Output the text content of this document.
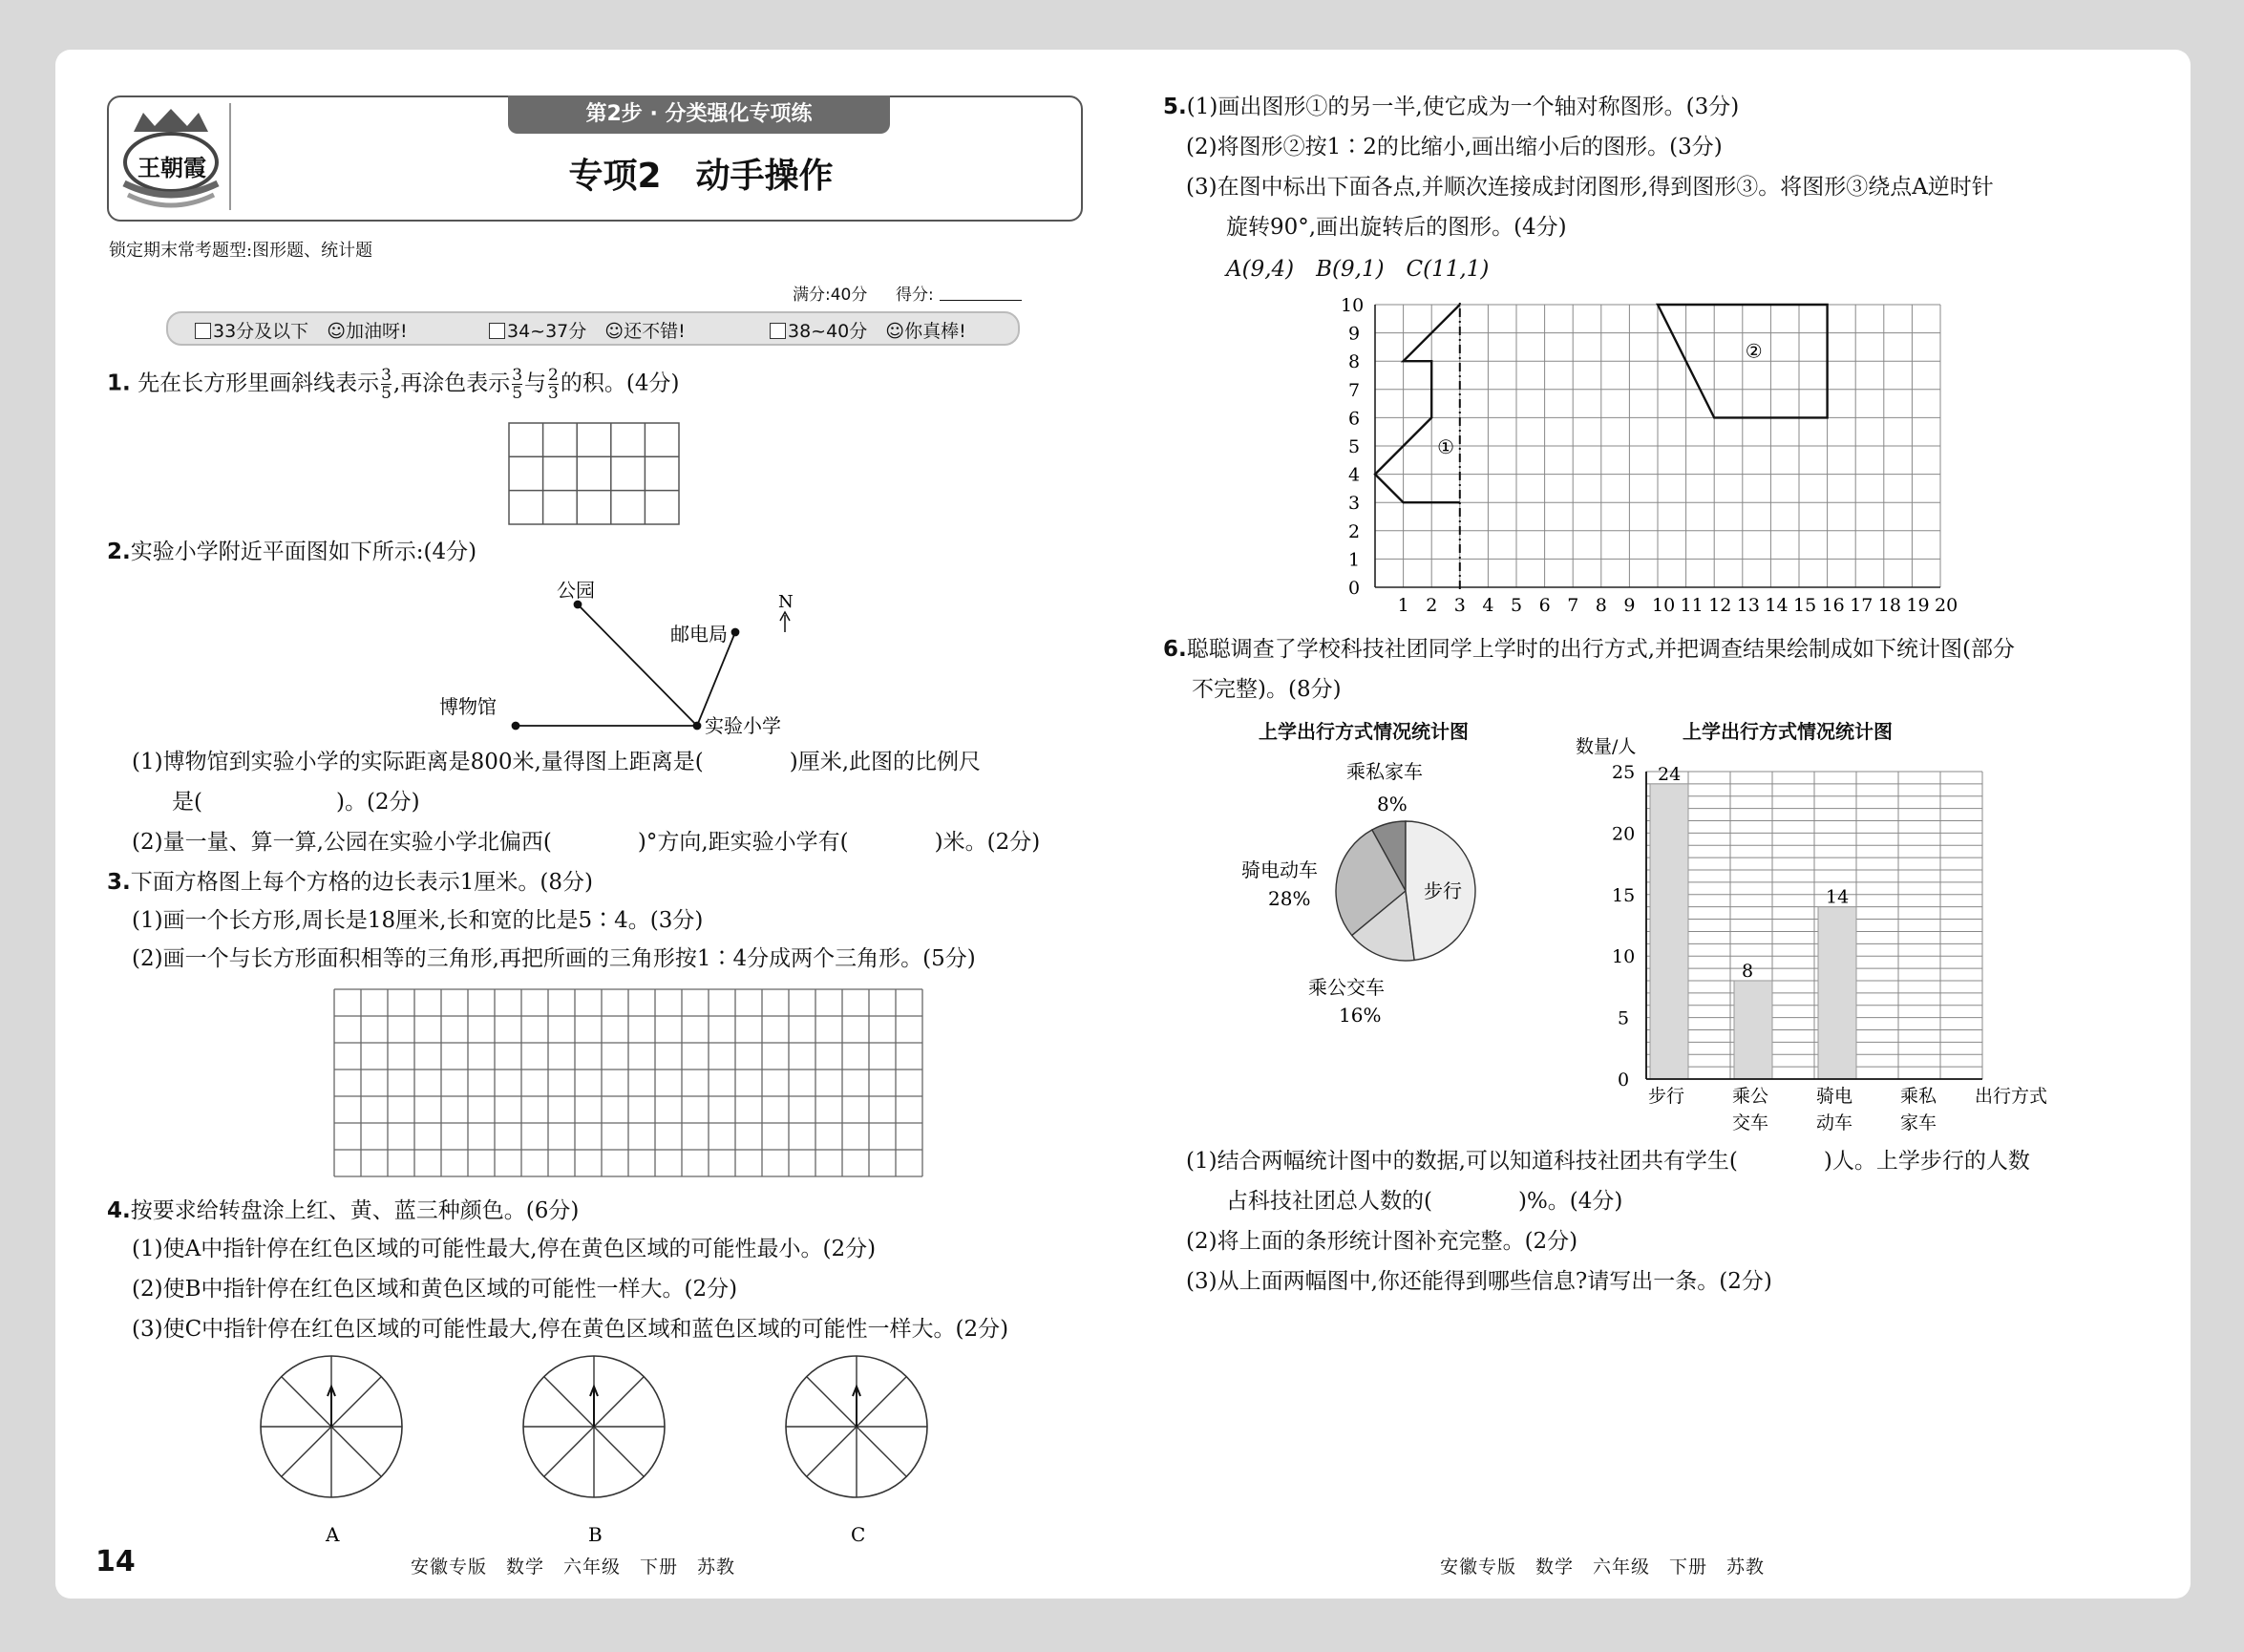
王朝霞
第2步 · 分类强化专项练
专项2　动手操作
锁定期末常考题型:图形题、统计题
满分:40分 得分:
33分及以下　 ☺加油呀!	34~37分　 ☺还不错!	38~40分　 ☺你真棒!
1. 先在长方形里画斜线表示 $\frac{3}{5}$ ,再涂色表示 $\frac{3}{5}$ 与 $\frac{2}{3}$ 的积。(4分)
2.实验小学附近平面图如下所示:(4分)
公园
邮电局
博物馆
实验小学
N
(1)博物馆到实验小学的实际距离是800米,量得图上距离是(	)厘米,此图的比例尺
是(	)。(2分)
(2)量一量、算一算,公园在实验小学北偏西(	)°方向,距实验小学有(	)米。(2分)
3.下面方格图上每个方格的边长表示1厘米。(8分)
(1)画一个长方形,周长是18厘米,长和宽的比是5∶4。(3分)
(2)画一个与长方形面积相等的三角形,再把所画的三角形按1∶4分成两个三角形。(5分)
4.按要求给转盘涂上红、黄、蓝三种颜色。(6分)
(1)使A中指针停在红色区域的可能性最大,停在黄色区域的可能性最小。(2分)
(2)使B中指针停在红色区域和黄色区域的可能性一样大。(2分)
(3)使C中指针停在红色区域的可能性最大,停在黄色区域和蓝色区域的可能性一样大。(2分)
A	B	C
14	安徽专版　数学　六年级　下册　苏教
5.(1)画出图形①的另一半,使它成为一个轴对称图形。(3分)
(2)将图形②按1∶2的比缩小,画出缩小后的图形。(3分)
(3)在图中标出下面各点,并顺次连接成封闭图形,得到图形③。将图形③绕点A逆时针
旋转90°,画出旋转后的图形。(4分)
A(9,4)　B(9,1)　C(11,1)
1 2 3 4 5 6 7 8 9 10 11 12 13 14 15 16 17 18 19 20
0
1
2
3
4
5
6
7
8
9
10
①
②
6.聪聪调查了学校科技社团同学上学时的出行方式,并把调查结果绘制成如下统计图(部分
不完整)。(8分)
上学出行方式情况统计图
乘私家车
8%
骑电动车
28%
乘公交车
16%
步行
上学出行方式情况统计图
24
8
14
0
5
10
15
20
25
数量/人
步行	乘公
交车
骑电
动车
乘私
家车
出行方式
(1)结合两幅统计图中的数据,可以知道科技社团共有学生(	)人。上学步行的人数
占科技社团总人数的(	)%。(4分)
(2)将上面的条形统计图补充完整。(2分)
(3)从上面两幅图中,你还能得到哪些信息?请写出一条。(2分)
安徽专版　数学　六年级　下册　苏教
